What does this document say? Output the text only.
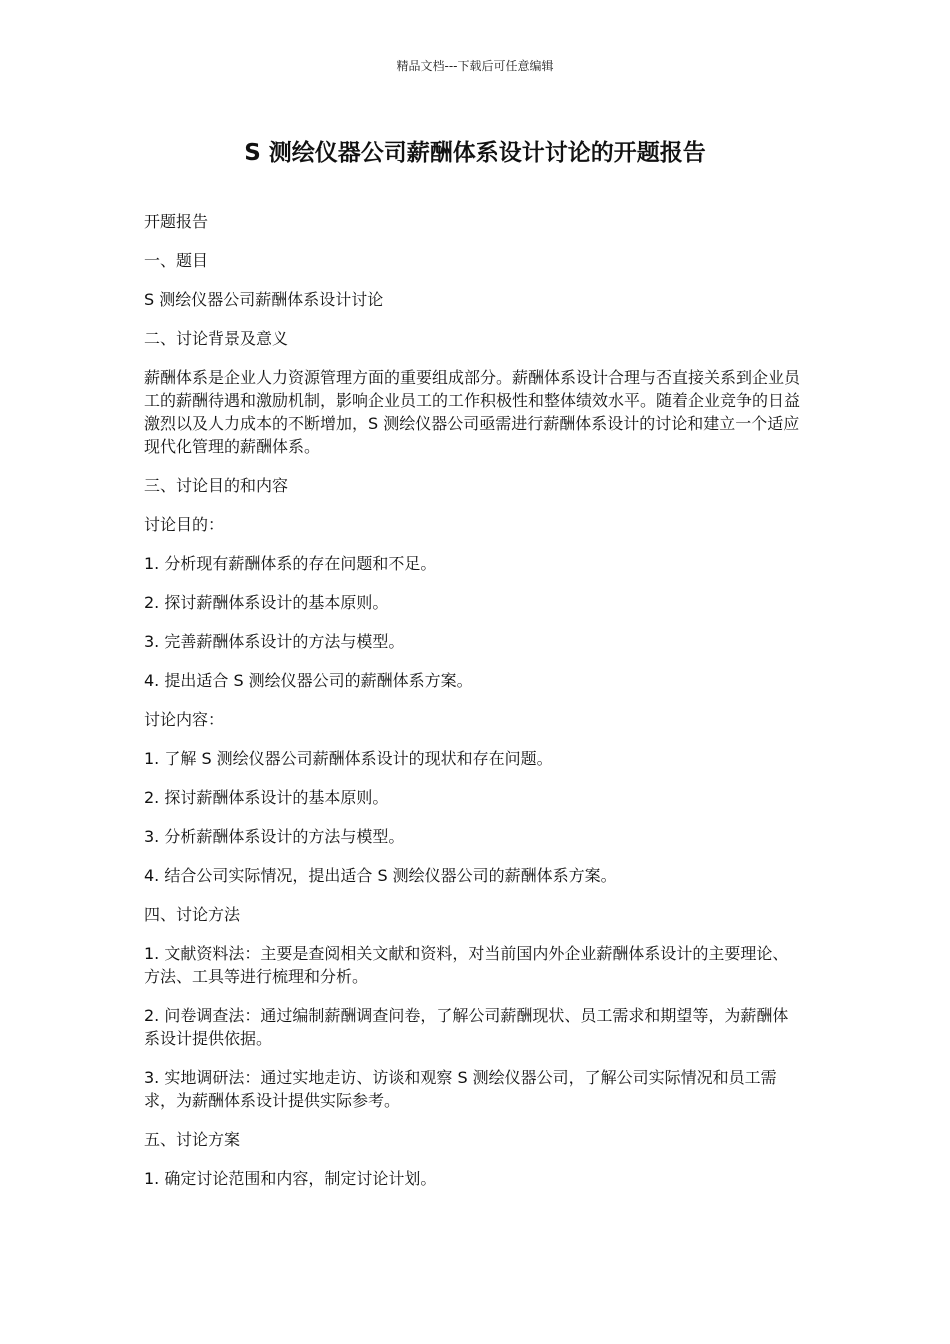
精品文档---下载后可任意编辑
S 测绘仪器公司薪酬体系设计讨论的开题报告

开题报告

一、题目

S 测绘仪器公司薪酬体系设计讨论

二、讨论背景及意义

薪酬体系是企业人力资源管理方面的重要组成部分。薪酬体系设计合理与否直接关系到企业员工的薪酬待遇和激励机制，影响企业员工的工作积极性和整体绩效水平。随着企业竞争的日益激烈以及人力成本的不断增加，S 测绘仪器公司亟需进行薪酬体系设计的讨论和建立一个适应现代化管理的薪酬体系。

三、讨论目的和内容

讨论目的：

1. 分析现有薪酬体系的存在问题和不足。

2. 探讨薪酬体系设计的基本原则。

3. 完善薪酬体系设计的方法与模型。

4. 提出适合 S 测绘仪器公司的薪酬体系方案。

讨论内容：

1. 了解 S 测绘仪器公司薪酬体系设计的现状和存在问题。

2. 探讨薪酬体系设计的基本原则。

3. 分析薪酬体系设计的方法与模型。

4. 结合公司实际情况，提出适合 S 测绘仪器公司的薪酬体系方案。

四、讨论方法

1. 文献资料法：主要是查阅相关文献和资料，对当前国内外企业薪酬体系设计的主要理论、方法、工具等进行梳理和分析。

2. 问卷调查法：通过编制薪酬调查问卷，了解公司薪酬现状、员工需求和期望等，为薪酬体系设计提供依据。

3. 实地调研法：通过实地走访、访谈和观察 S 测绘仪器公司，了解公司实际情况和员工需求，为薪酬体系设计提供实际参考。

五、讨论方案

1. 确定讨论范围和内容，制定讨论计划。
